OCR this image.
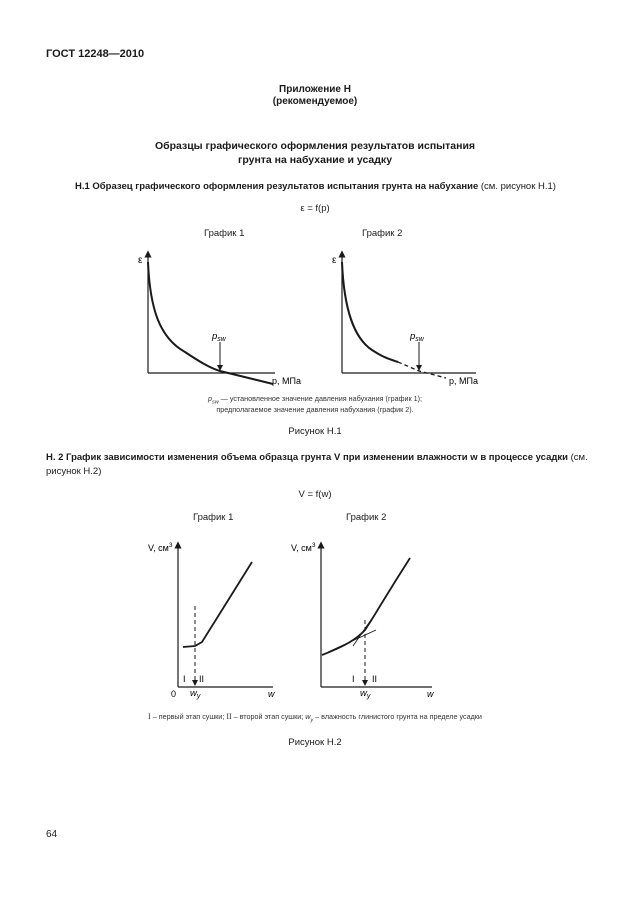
ГОСТ 12248—2010
Приложение Н
(рекомендуемое)
Образцы графического оформления результатов испытания
грунта на набухание и усадку
Н.1 Образец графического оформления результатов испытания грунта на набухание (см. рисунок Н.1)
ε = f(p)
График 1	График 2
ε
$p_{sw}$
p, МПа
ε
$p_{sw}$
p, МПа
$p_{sw}$ — установленное значение давления набухания (график 1);
предполагаемое значение давления набухания (график 2).
Рисунок Н.1
Н. 2 График зависимости изменения объема образца грунта V при изменении влажности w в процессе усадки (см. рисунок Н.2)
V = f(w)
График 1	График 2
V, $см^3$
0
I II
$w_y$	w
V, $см^3$
I II
$w_y$	w
I – первый этап сушки; II – второй этап сушки; $w_y$ – влажность глинистого грунта на пределе усадки
Рисунок Н.2
64
